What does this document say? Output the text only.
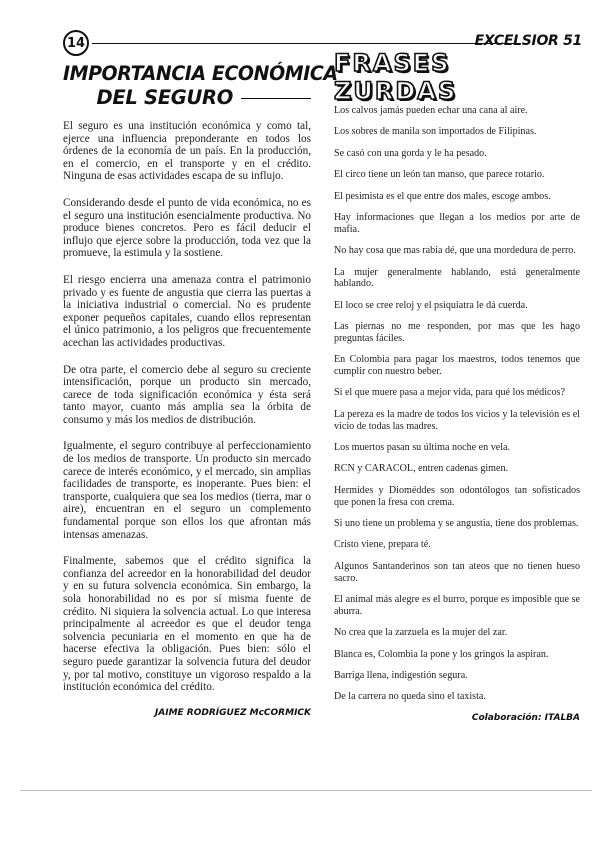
14	EXCELSIOR 51
IMPORTANCIA ECONÓMICA
DEL SEGURO

El seguro es una institución económica y como tal, ejerce una influencia preponderante en todos los órdenes de la economía de un país. En la producción, en el comercio, en el transporte y en el crédito. Ninguna de esas actividades escapa de su influjo.

Considerando desde el punto de vida económica, no es el seguro una institución esencialmente productiva. No produce bienes concretos. Pero es fácil deducir el influjo que ejerce sobre la producción, toda vez que la promueve, la estimula y la sostiene.

El riesgo encierra una amenaza contra el patrimonio privado y es fuente de angustia que cierra las puertas a la iniciativa industrial o comercial. No es prudente exponer pequeños capitales, cuando ellos representan el único patrimonio, a los peligros que frecuentemente acechan las actividades productivas.

De otra parte, el comercio debe al seguro su creciente intensificación, porque un producto sin mercado, carece de toda significación económica y ésta será tanto mayor, cuanto más amplia sea la órbita de consumo y más los medios de distribución.

Igualmente, el seguro contribuye al perfeccionamiento de los medios de transporte. Un producto sin mercado carece de interés económico, y el mercado, sin amplias facilidades de transporte, es inoperante. Pues bien: el transporte, cualquiera que sea los medios (tierra, mar o aire), encuentran en el seguro un complemento fundamental porque son ellos los que afrontan más intensas amenazas.

Finalmente, sabemos que el crédito significa la confianza del acreedor en la honorabilidad del deudor y en su futura solvencia económica. Sin embargo, la sola honorabilidad no es por sí misma fuente de crédito. Ni siquiera la solvencia actual. Lo que interesa principalmente al acreedor es que el deudor tenga solvencia pecuniaria en el momento en que ha de hacerse efectiva la obligación. Pues bien: sólo el seguro puede garantizar la solvencia futura del deudor y, por tal motivo, constituye un vigoroso respaldo a la institución económica del crédito.

JAIME RODRÍGUEZ McCORMICK
FRASES ZURDAS
Los calvos jamás pueden echar una cana al aire.
Los sobres de manila son importados de Filipinas.
Se casó con una gorda y le ha pesado.
El circo tiene un león tan manso, que parece rotario.
El pesimista es el que entre dos males, escoge ambos.
Hay informaciones que llegan a los medios por arte de mafia.
No hay cosa que mas rabia dé, que una mordedura de perro.
La mujer generalmente hablando, está generalmente hablando.
El loco se cree reloj y el psiquiatra le dá cuerda.
Las piernas no me responden, por mas que les hago preguntas fáciles.
En Colombia para pagar los maestros, todos tenemos que cumplir con nuestro beber.
Si el que muere pasa a mejor vida, para qué los médicos?
La pereza es la madre de todos los vicios y la televisión es el vicio de todas las madres.
Los muertos pasan su última noche en vela.
RCN y CARACOL, entren cadenas gimen.
Hermides y Dioméddes son odontólogos tan sofisticados que ponen la fresa con crema.
Si uno tiene un problema y se angustia, tiene dos problemas.
Cristo viene, prepara té.
Algunos Santanderinos son tan ateos que no tienen hueso sacro.
El animal más alegre es el burro, porque es imposible que se aburra.
No crea que la zarzuela es la mujer del zar.
Blanca es, Colombia la pone y los gringos la aspiran.
Barriga llena, indigestión segura.
De la carrera no queda sino el taxista.
Colaboración: ITALBA
